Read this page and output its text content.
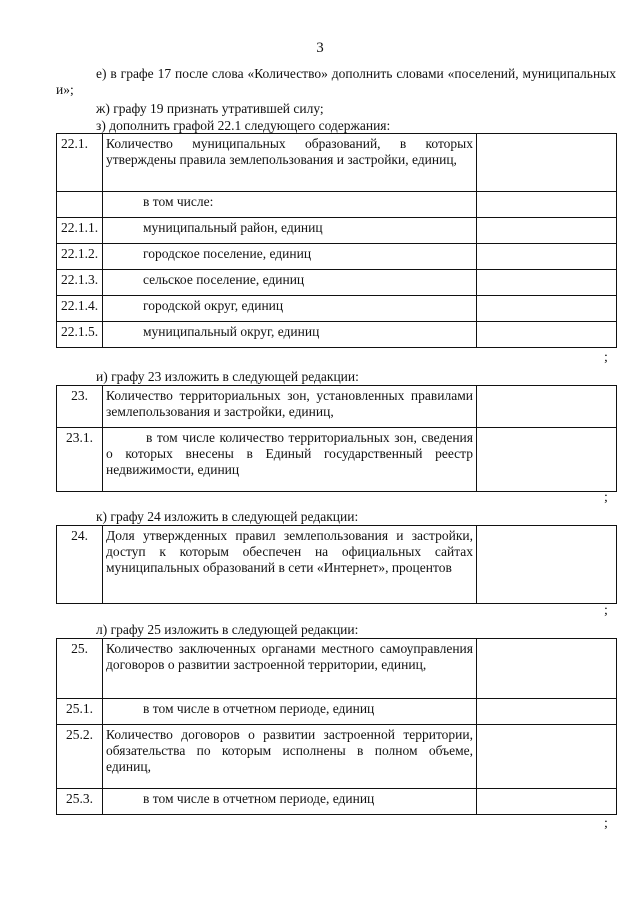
3
е) в графе 17 после слова «Количество» дополнить словами «поселений, муниципальных и»;
ж) графу 19 признать утратившей силу;
з) дополнить графой 22.1 следующего содержания:
22.1.	Количество муниципальных образований, в которых утверждены правила землепользования и застройки, единиц,	
	в том числе:	
22.1.1.	муниципальный район, единиц	
22.1.2.	городское поселение, единиц	
22.1.3.	сельское поселение, единиц	
22.1.4.	городской округ, единиц	
22.1.5.	муниципальный округ, единиц	
;
и) графу 23 изложить в следующей редакции:
23.	Количество территориальных зон, установленных правилами землепользования и застройки, единиц,	
23.1.	в том числе количество территориальных зон, сведения о которых внесены в Единый государственный реестр недвижимости, единиц	
;
к) графу 24 изложить в следующей редакции:
24.	Доля утвержденных правил землепользования и застройки, доступ к которым обеспечен на официальных сайтах муниципальных образований в сети «Интернет», процентов	
;
л) графу 25 изложить в следующей редакции:
25.	Количество заключенных органами местного самоуправления договоров о развитии застроенной территории, единиц,	
25.1.	в том числе в отчетном периоде, единиц	
25.2.	Количество договоров о развитии застроенной территории, обязательства по которым исполнены в полном объеме, единиц,	
25.3.	в том числе в отчетном периоде, единиц	
;
